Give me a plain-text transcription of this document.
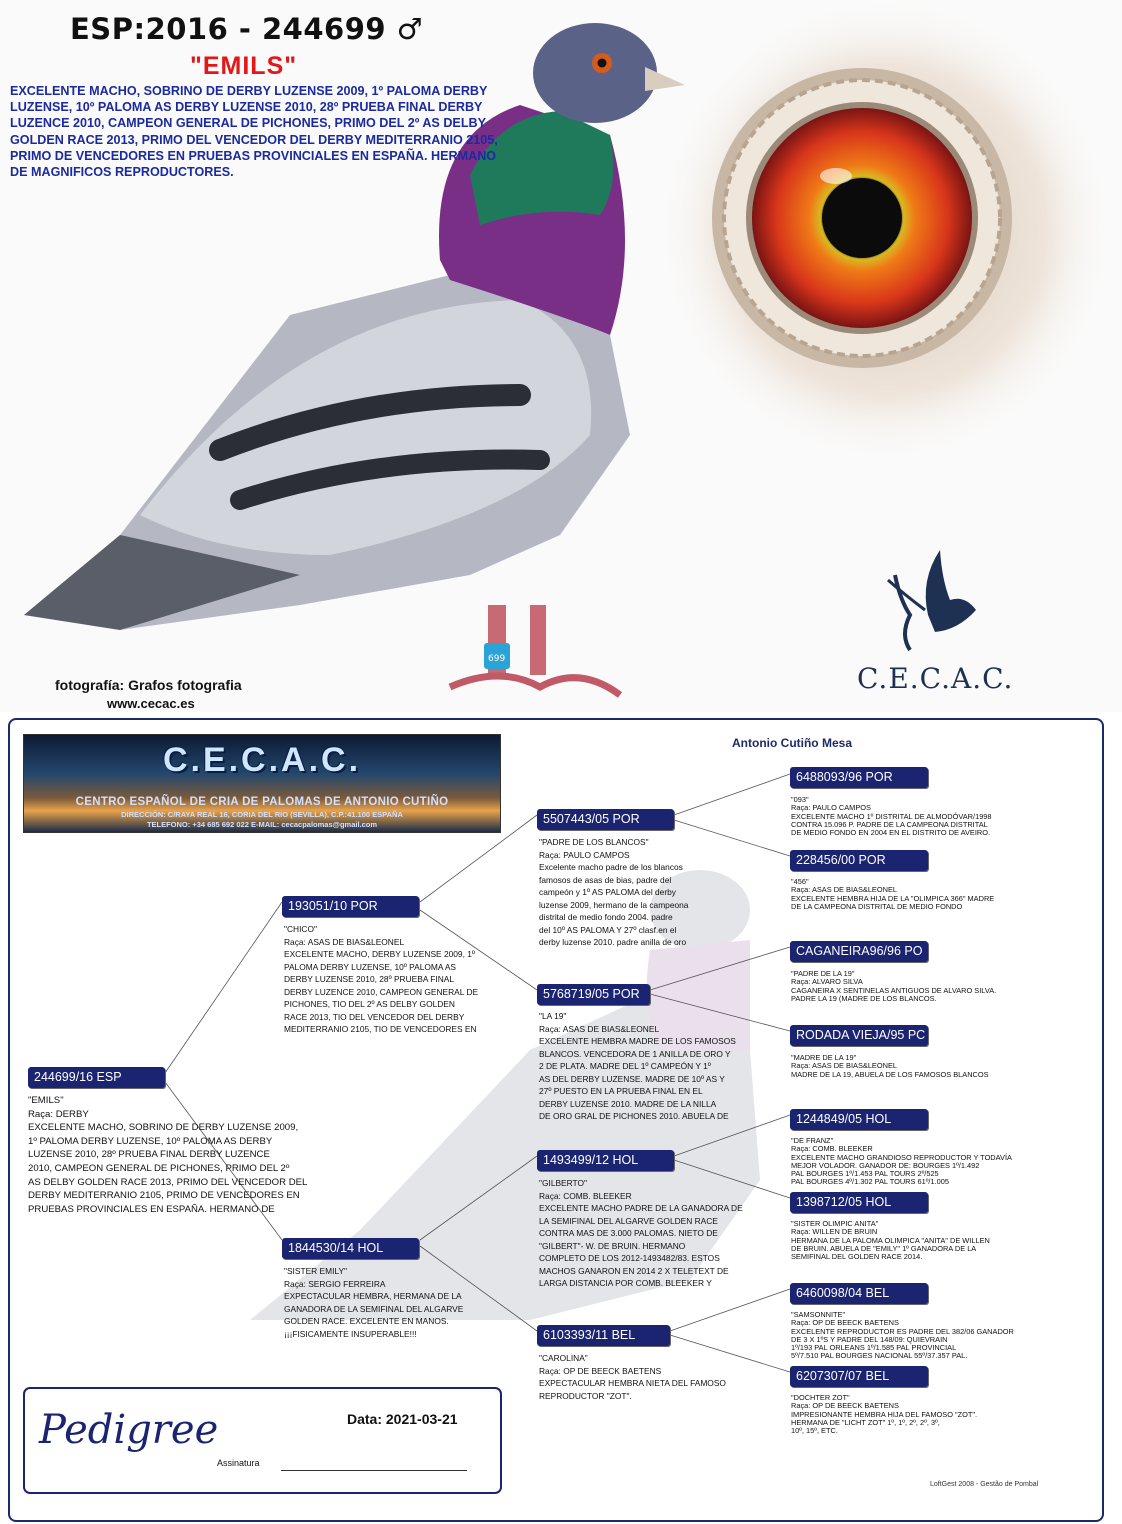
699
ESP:2016 - 244699 ♂
"EMILS"
EXCELENTE MACHO, SOBRINO DE DERBY LUZENSE 2009, 1º PALOMA DERBY LUZENSE, 10º PALOMA AS DERBY LUZENSE 2010, 28º PRUEBA FINAL DERBY LUZENCE 2010, CAMPEON GENERAL DE PICHONES, PRIMO DEL 2º AS DELBY GOLDEN RACE 2013, PRIMO DEL VENCEDOR DEL DERBY MEDITERRANIO 2105, PRIMO DE VENCEDORES EN PRUEBAS PROVINCIALES EN ESPAÑA. HERMANO DE MAGNIFICOS REPRODUCTORES.
fotografía: Grafos fotografia
www.cecac.es
C.E.C.A.C.
C.E.C.A.C.
CENTRO ESPAÑOL DE CRIA DE PALOMAS DE ANTONIO CUTIÑO
DIRECCIÓN: C/RAYA REAL 16, CORIA DEL RIO (SEVILLA), C.P.:41.100 ESPAÑA
TELEFONO: +34 685 692 022 E-MAIL: cecacpalomas@gmail.com
Antonio Cutiño Mesa
244699/16 ESP
"EMILS"
Raça: DERBY
EXCELENTE MACHO, SOBRINO DE DERBY LUZENSE 2009,
1º PALOMA DERBY LUZENSE, 10º PALOMA AS DERBY
LUZENSE 2010, 28º PRUEBA FINAL DERBY LUZENCE
2010, CAMPEON GENERAL DE PICHONES, PRIMO DEL 2º
AS DELBY GOLDEN RACE 2013, PRIMO DEL VENCEDOR DEL
DERBY MEDITERRANIO 2105, PRIMO DE VENCEDORES EN
PRUEBAS PROVINCIALES EN ESPAÑA. HERMANO DE
193051/10 POR
"CHICO"
Raça: ASAS DE BIAS&LEONEL
EXCELENTE MACHO, DERBY LUZENSE 2009, 1º
PALOMA DERBY LUZENSE, 10º PALOMA AS
DERBY LUZENSE 2010, 28º PRUEBA FINAL
DERBY LUZENCE 2010, CAMPEON GENERAL DE
PICHONES, TIO DEL 2º AS DELBY GOLDEN
RACE 2013, TIO DEL VENCEDOR DEL DERBY
MEDITERRANIO 2105, TIO DE VENCEDORES EN
1844530/14 HOL
"SISTER EMILY"
Raça: SERGIO FERREIRA
EXPECTACULAR HEMBRA, HERMANA DE LA
GANADORA DE LA SEMIFINAL DEL ALGARVE
GOLDEN RACE. EXCELENTE EN MANOS.
¡¡¡FISICAMENTE INSUPERABLE!!!
5507443/05 POR
"PADRE DE LOS BLANCOS"
Raça: PAULO CAMPOS
Excelente macho padre de los blancos
famosos de asas de bias, padre del
campeón y 1º AS PALOMA del derby
luzense 2009, hermano de la campeona
distrital de medio fondo 2004. padre
del 10º AS PALOMA Y 27º clasf.en el
derby luzense 2010. padre anilla de oro
5768719/05 POR
"LA 19"
Raça: ASAS DE BIAS&LEONEL
EXCELENTE HEMBRA MADRE DE LOS FAMOSOS
BLANCOS. VENCEDORA DE 1 ANILLA DE ORO Y
2 DE PLATA. MADRE DEL 1º CAMPEÓN Y 1º
AS DEL DERBY LUZENSE. MADRE DE 10º AS Y
27º PUESTO EN LA PRUEBA FINAL EN EL
DERBY LUZENSE 2010. MADRE DE LA NILLA
DE ORO GRAL DE PICHONES 2010. ABUELA DE
1493499/12 HOL
"GILBERTO"
Raça: COMB. BLEEKER
EXCELENTE MACHO PADRE DE LA GANADORA DE
LA SEMIFINAL DEL ALGARVE GOLDEN RACE
CONTRA MAS DE 3.000 PALOMAS. NIETO DE
"GILBERT"- W. DE BRUIN. HERMANO
COMPLETO DE LOS 2012-1493482/83. ESTOS
MACHOS GANARON EN 2014 2 X TELETEXT DE
LARGA DISTANCIA POR COMB. BLEEKER Y
6103393/11 BEL
"CAROLINA"
Raça: OP DE BEECK BAETENS
EXPECTACULAR HEMBRA NIETA DEL FAMOSO
REPRODUCTOR "ZOT".
6488093/96 POR
"093"
Raça: PAULO CAMPOS
EXCELENTE MACHO 1º DISTRITAL DE ALMODÓVAR/1998
CONTRA 15.096 P. PADRE DE LA CAMPEONA DISTRITAL
DE MEDIO FONDO EN 2004 EN EL DISTRITO DE AVEIRO.
228456/00 POR
"456"
Raça: ASAS DE BIAS&LEONEL
EXCELENTE HEMBRA HIJA DE LA "OLIMPICA 366" MADRE
DE LA CAMPEONA DISTRITAL DE MEDIO FONDO
CAGANEIRA96/96 PO
"PADRE DE LA 19"
Raça: ALVARO SILVA
CAGANEIRA X SENTINELAS ANTIGUOS DE ALVARO SILVA.
PADRE LA 19 (MADRE DE LOS BLANCOS.
RODADA VIEJA/95 PC
"MADRE DE LA 19"
Raça: ASAS DE BIAS&LEONEL
MADRE DE LA 19, ABUELA DE LOS FAMOSOS BLANCOS
1244849/05 HOL
"DE FRANZ"
Raça: COMB. BLEEKER
EXCELENTE MACHO GRANDIOSO REPRODUCTOR Y TODAVÍA
MEJOR VOLADOR. GANADOR DE: BOURGES 1º/1.492
PAL BOURGES 1º/1.453 PAL TOURS 2º/525
PAL BOURGES 4º/1.302 PAL TOURS 61º/1.005
1398712/05 HOL
"SISTER OLIMPIC ANITA"
Raça: WILLEN DE BRUIN
HERMANA DE LA PALOMA OLIMPICA "ANITA" DE WILLEN
DE BRUIN. ABUELA DE "EMILY" 1º GANADORA DE LA
SEMIFINAL DEL GOLDEN RACE 2014.
6460098/04 BEL
"SAMSONNITE"
Raça: OP DE BEECK BAETENS
EXCELENTE REPRODUCTOR ES PADRE DEL 382/06 GANADOR
DE 3 X 1ºS Y PADRE DEL 148/09: QUIEVRAIN
1º/193 PAL ORLEANS 1º/1.585 PAL PROVINCIAL
5º/7.510 PAL BOURGES NACIONAL 55º/37.357 PAL.
6207307/07 BEL
"DOCHTER ZOT"
Raça: OP DE BEECK BAETENS
IMPRESIONANTE HEMBRA HIJA DEL FAMOSO "ZOT".
HERMANA DE "LICHT ZOT" 1º, 1º, 2º, 2º, 3º,
10º, 15º, ETC.
Pedigree	Data: 2021-03-21
Assinatura
LoftGest 2008 - Gestão de Pombal
